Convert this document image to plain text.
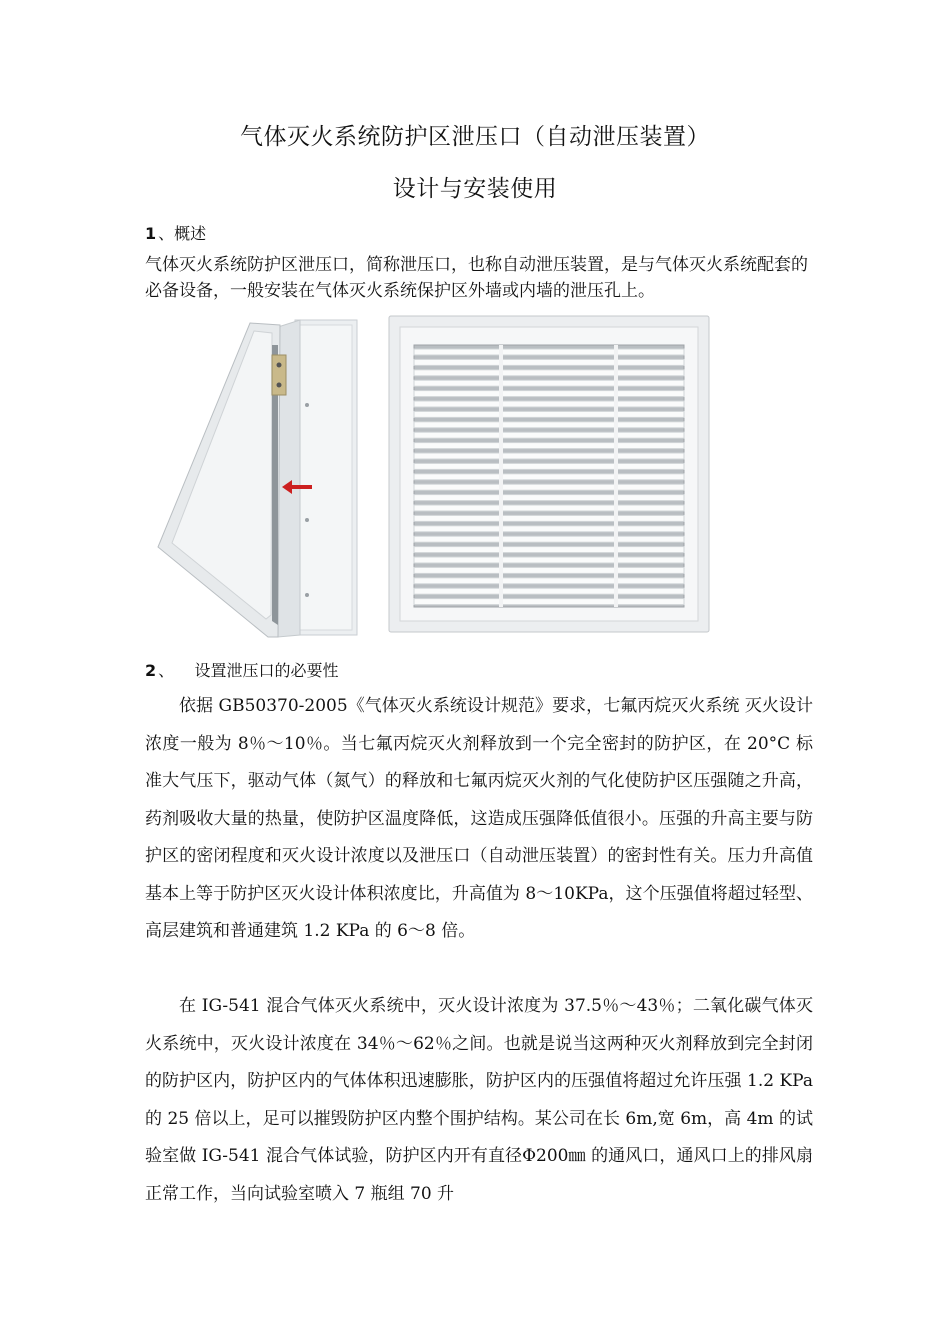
气体灭火系统防护区泄压口（自动泄压装置）
设计与安装使用
1 、概述
气体灭火系统防护区泄压口，简称泄压口，也称自动泄压装置，是与气体灭火系统配套的必备设备，一般安装在气体灭火系统保护区外墙或内墙的泄压孔上。
2 、    设置泄压口的必要性
依据 GB50370-2005《气体灭火系统设计规范》要求，七氟丙烷灭火系统 灭火设计浓度一般为 8％～10％。当七氟丙烷灭火剂释放到一个完全密封的防护区，在 20°C 标准大气压下，驱动气体（氮气）的释放和七氟丙烷灭火剂的气化使防护区压强随之升高，药剂吸收大量的热量，使防护区温度降低，这造成压强降低值很小。压强的升高主要与防护区的密闭程度和灭火设计浓度以及泄压口（自动泄压装置）的密封性有关。压力升高值基本上等于防护区灭火设计体积浓度比，升高值为 8～10KPa，这个压强值将超过轻型、高层建筑和普通建筑 1.2 KPa 的 6～8 倍。
在 IG-541 混合气体灭火系统中，灭火设计浓度为 37.5％～43％；二氧化碳气体灭火系统中，灭火设计浓度在 34％～62％之间。也就是说当这两种灭火剂释放到完全封闭的防护区内，防护区内的气体体积迅速膨胀，防护区内的压强值将超过允许压强 1.2 KPa 的 25 倍以上，足可以摧毁防护区内整个围护结构。某公司在长 6m,宽 6m，高 4m 的试验室做 IG-541 混合气体试验，防护区内开有直径Φ200㎜ 的通风口，通风口上的排风扇正常工作，当向试验室喷入 7 瓶组 70 升
